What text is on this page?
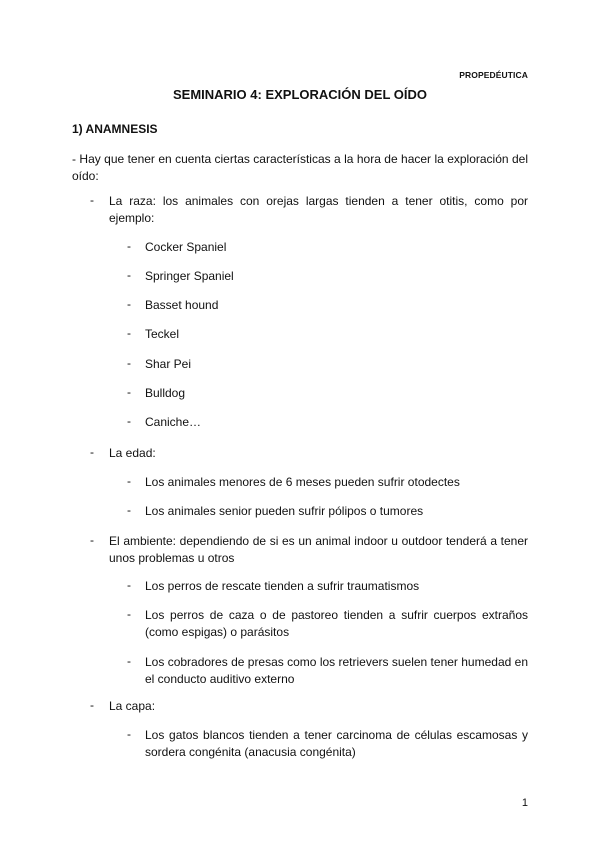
PROPEDÉUTICA
SEMINARIO 4: EXPLORACIÓN DEL OÍDO
1) ANAMNESIS
- Hay que tener en cuenta ciertas características a la hora de hacer la exploración del oído:
-	La raza: los animales con orejas largas tienden a tener otitis, como por ejemplo:
-	Cocker Spaniel
-	Springer Spaniel
-	Basset hound
-	Teckel
-	Shar Pei
-	Bulldog
-	Caniche…
-	La edad:
-	Los animales menores de 6 meses pueden sufrir otodectes
-	Los animales senior pueden sufrir pólipos o tumores
-	El ambiente: dependiendo de si es un animal indoor u outdoor tenderá a tener unos problemas u otros
-	Los perros de rescate tienden a sufrir traumatismos
-	Los perros de caza o de pastoreo tienden a sufrir cuerpos extraños (como espigas) o parásitos
-	Los cobradores de presas como los retrievers suelen tener humedad en el conducto auditivo externo
-	La capa:
-	Los gatos blancos tienden a tener carcinoma de células escamosas y sordera congénita (anacusia congénita)
1
